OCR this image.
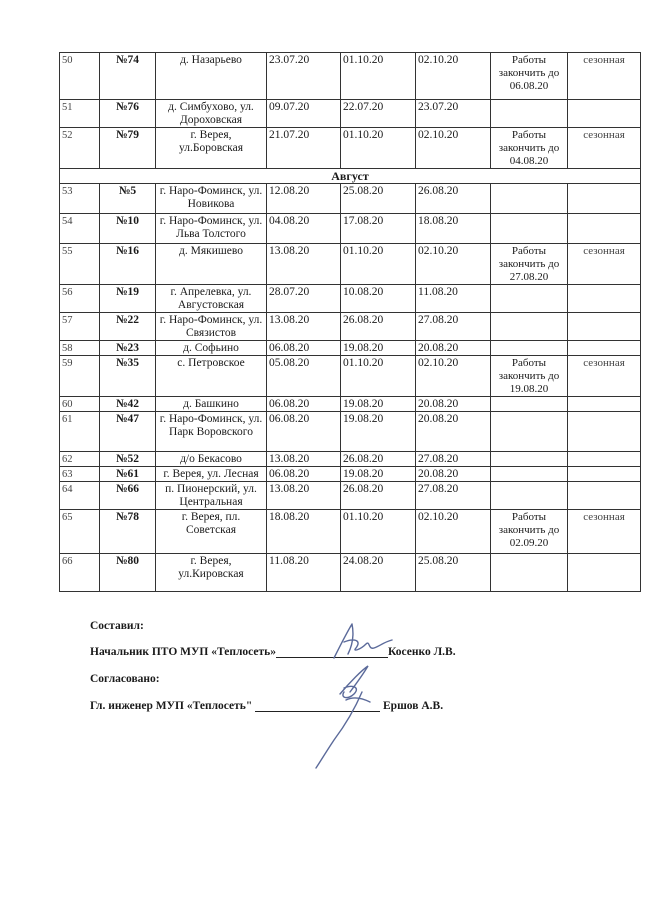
50	№74	д. Назарьево	23.07.20	01.10.20	02.10.20	Работы закончить до 06.08.20	сезонная
51	№76	д. Симбухово, ул. Дороховская	09.07.20	22.07.20	23.07.20		
52	№79	г. Верея, ул.Боровская	21.07.20	01.10.20	02.10.20	Работы закончить до 04.08.20	сезонная
Август							
53	№5	г. Наро-Фоминск, ул. Новикова	12.08.20	25.08.20	26.08.20		
54	№10	г. Наро-Фоминск, ул. Льва Толстого	04.08.20	17.08.20	18.08.20		
55	№16	д. Мякишево	13.08.20	01.10.20	02.10.20	Работы закончить до 27.08.20	сезонная
56	№19	г. Апрелевка, ул. Августовская	28.07.20	10.08.20	11.08.20		
57	№22	г. Наро-Фоминск, ул. Связистов	13.08.20	26.08.20	27.08.20		
58	№23	д. Софьино	06.08.20	19.08.20	20.08.20		
59	№35	с. Петровское	05.08.20	01.10.20	02.10.20	Работы закончить до 19.08.20	сезонная
60	№42	д. Башкино	06.08.20	19.08.20	20.08.20		
61	№47	г. Наро-Фоминск, ул. Парк Воровского	06.08.20	19.08.20	20.08.20		
62	№52	д/о Бекасово	13.08.20	26.08.20	27.08.20		
63	№61	г. Верея, ул. Лесная	06.08.20	19.08.20	20.08.20		
64	№66	п. Пионерский, ул. Центральная	13.08.20	26.08.20	27.08.20		
65	№78	г. Верея, пл. Советская	18.08.20	01.10.20	02.10.20	Работы закончить до 02.09.20	сезонная
66	№80	г. Верея, ул.Кировская	11.08.20	24.08.20	25.08.20		
Составил:
Начальник ПТО МУП «Теплосеть»	Косенко Л.В.
Согласовано:
Гл. инженер МУП «Теплосеть"	Ершов А.В.
